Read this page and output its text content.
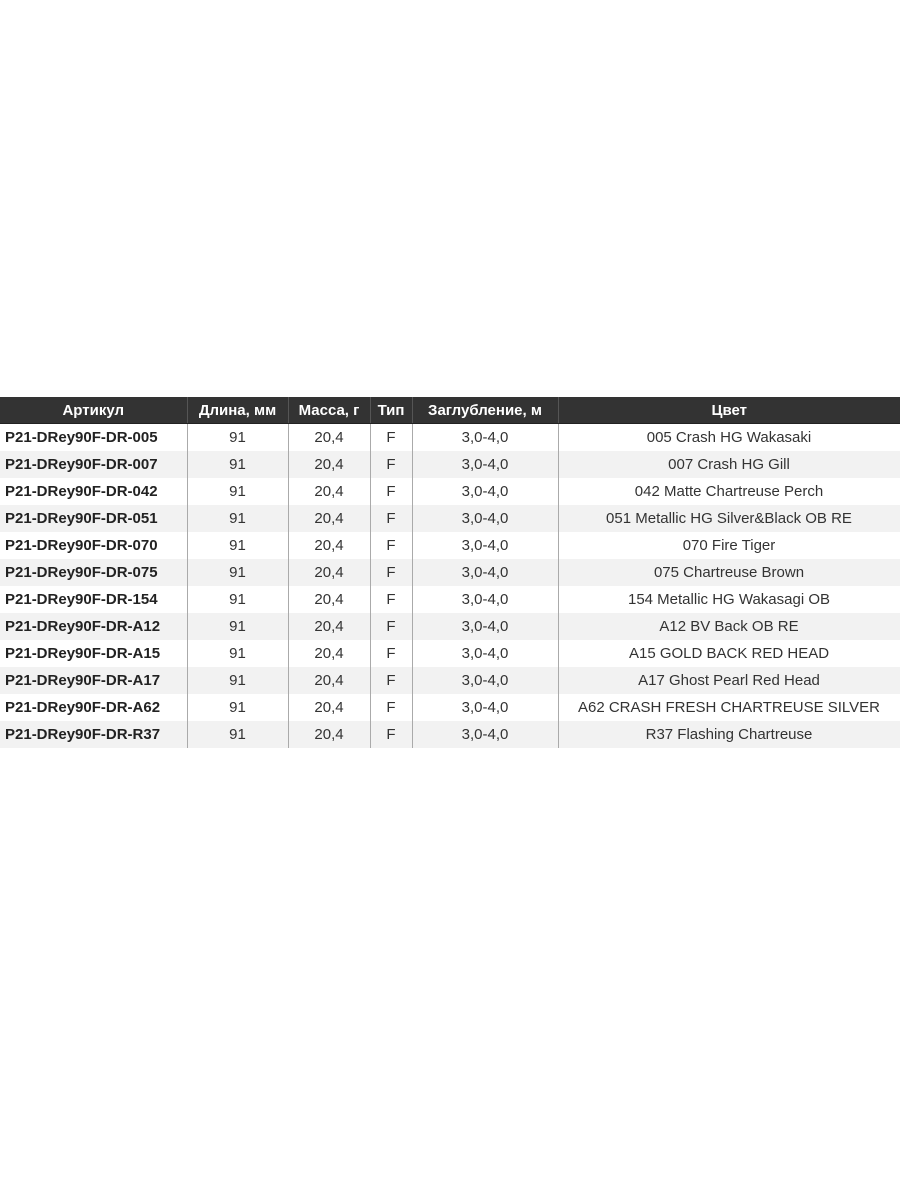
Артикул	Длина, мм	Масса, г	Тип	Заглубление, м	Цвет
P21-DRey90F-DR-005	91	20,4	F	3,0-4,0	005 Crash HG Wakasaki
P21-DRey90F-DR-007	91	20,4	F	3,0-4,0	007 Crash HG Gill
P21-DRey90F-DR-042	91	20,4	F	3,0-4,0	042 Matte Chartreuse Perch
P21-DRey90F-DR-051	91	20,4	F	3,0-4,0	051 Metallic HG Silver&Black OB RE
P21-DRey90F-DR-070	91	20,4	F	3,0-4,0	070 Fire Tiger
P21-DRey90F-DR-075	91	20,4	F	3,0-4,0	075 Chartreuse Brown
P21-DRey90F-DR-154	91	20,4	F	3,0-4,0	154 Metallic HG Wakasagi OB
P21-DRey90F-DR-A12	91	20,4	F	3,0-4,0	A12 BV Back OB RE
P21-DRey90F-DR-A15	91	20,4	F	3,0-4,0	A15 GOLD BACK RED HEAD
P21-DRey90F-DR-A17	91	20,4	F	3,0-4,0	A17 Ghost Pearl Red Head
P21-DRey90F-DR-A62	91	20,4	F	3,0-4,0	A62 CRASH FRESH CHARTREUSE SILVER
P21-DRey90F-DR-R37	91	20,4	F	3,0-4,0	R37 Flashing Chartreuse
